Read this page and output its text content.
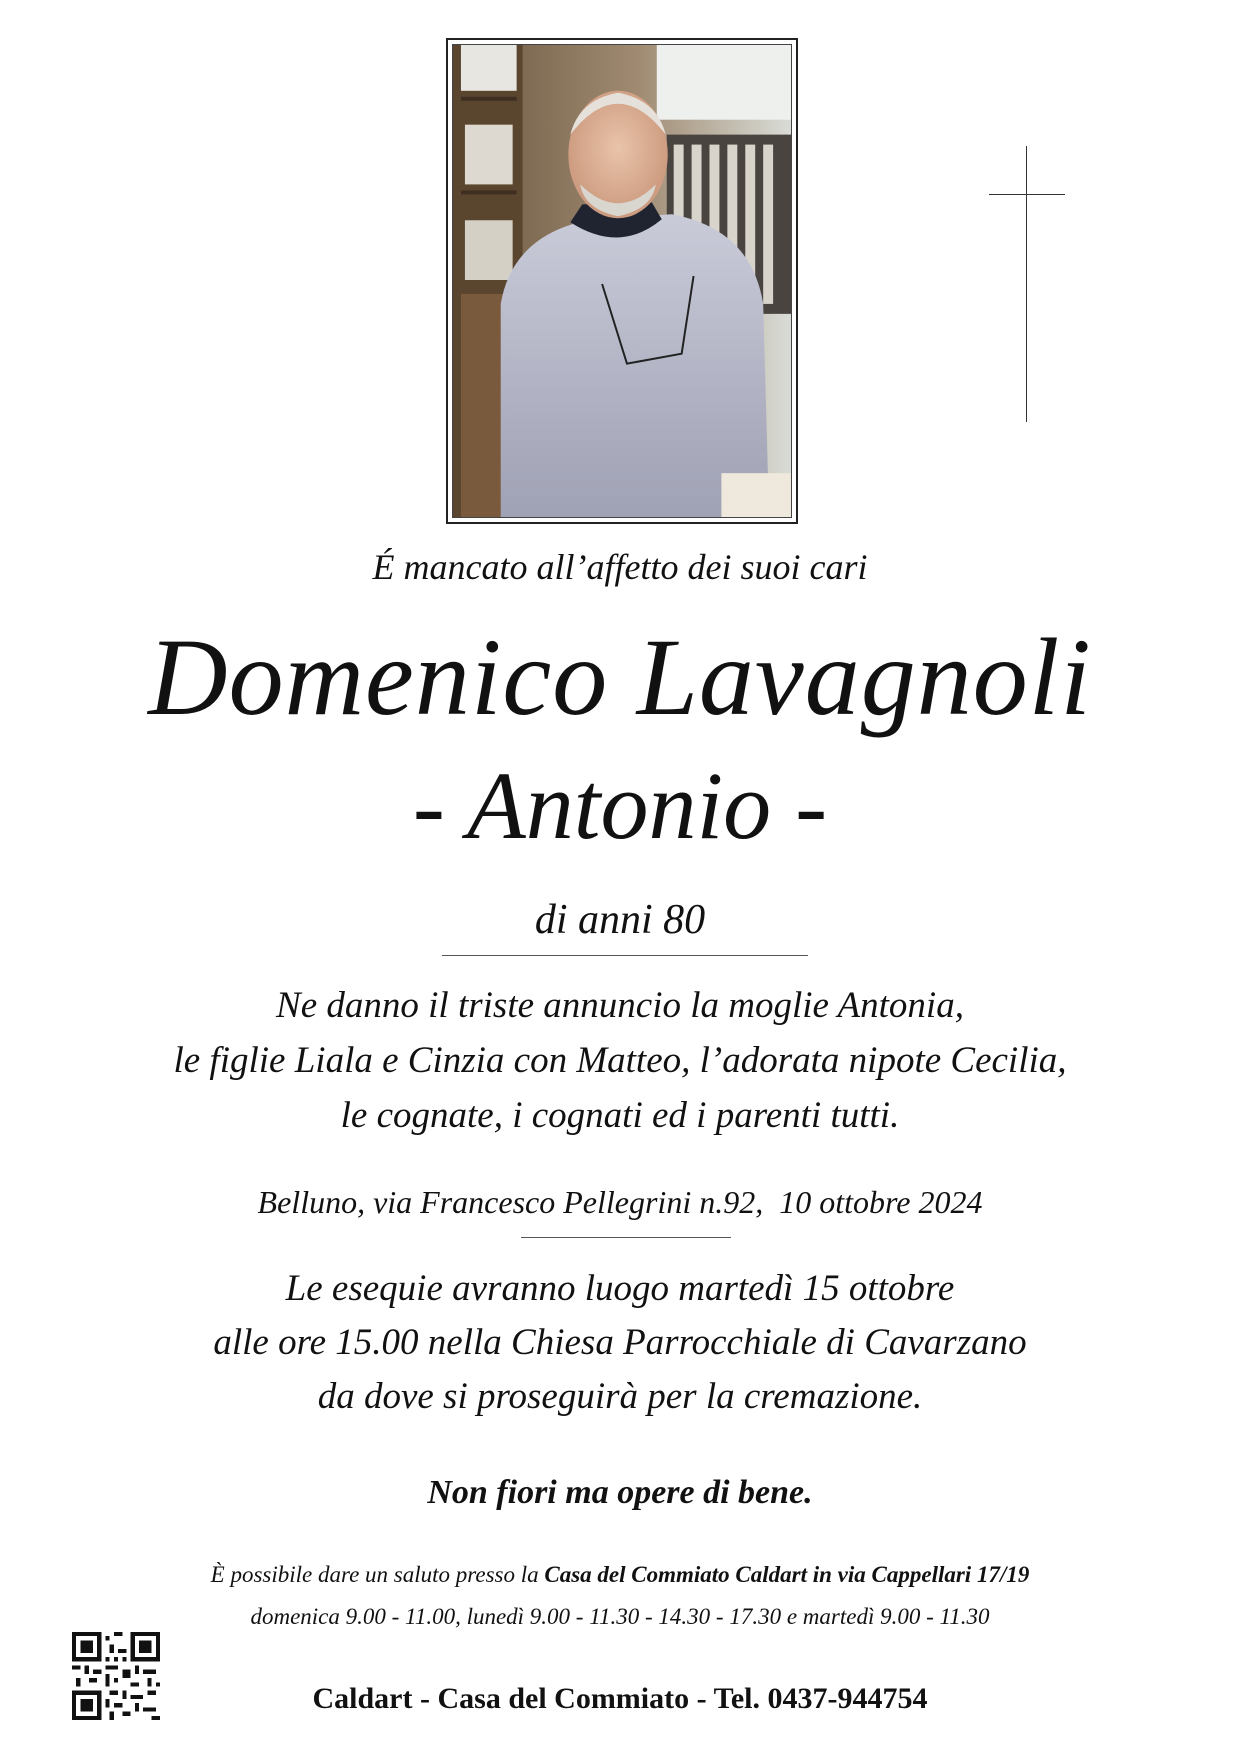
É mancato all’affetto dei suoi cari
Domenico Lavagnoli
- Antonio -
di anni 80
Ne danno il triste annuncio la moglie Antonia,
le figlie Liala e Cinzia con Matteo, l’adorata nipote Cecilia,
le cognate, i cognati ed i parenti tutti.
Belluno, via Francesco Pellegrini n.92,  10 ottobre 2024
Le esequie avranno luogo martedì 15 ottobre
alle ore 15.00 nella Chiesa Parrocchiale di Cavarzano
da dove si proseguirà per la cremazione.
Non fiori ma opere di bene.
È possibile dare un saluto presso la Casa del Commiato Caldart in via Cappellari 17/19
domenica 9.00 - 11.00, lunedì 9.00 - 11.30 - 14.30 - 17.30 e martedì 9.00 - 11.30
Caldart - Casa del Commiato - Tel. 0437-944754
